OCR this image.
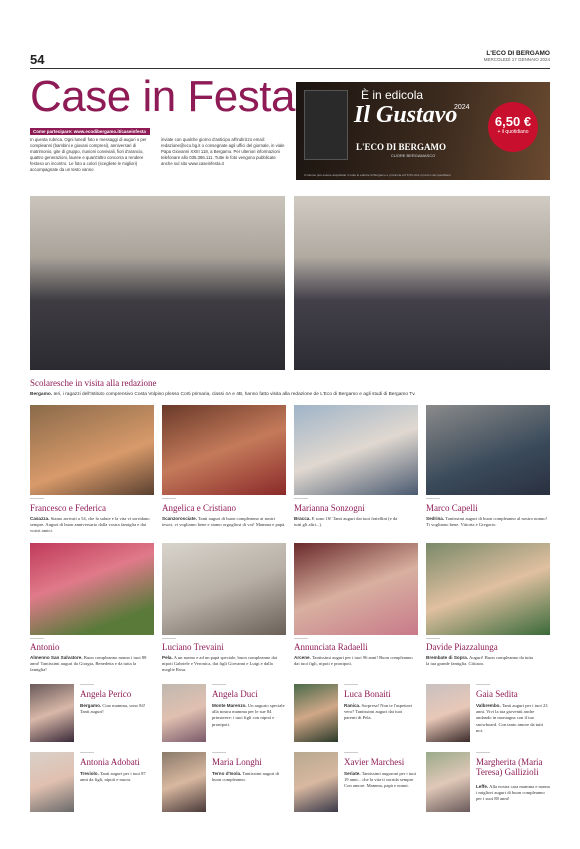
54	L'ECO DI BERGAMO
MERCOLEDÌ 17 GENNAIO 2024
Case in Festa
Come partecipare: www.ecodibergamo.it/caseinfesta
In questa rubrica. Ogni lunedì foto e messaggi di auguri o per compleanni (bambini e giovani compresi), anniversari di matrimonio, gite di gruppo, riunioni conviviali, fiori d'arancio, quattro generazioni, lauree e quant'altro concorra a rendere festoso un incontro. Le foto a colori (scegliete le migliori) accompagnate da un testo vanno
inviate con qualche giorno d'anticipo all'indirizzo email: redazione@eco.bg.it o consegnate agli uffici del giornale, in viale Papa Giovanni XXIII 118, a Bergamo. Per ulteriori informazioni telefonare allo 035.386.111. Tutte le foto vengono pubblicate anche sul sito www.caseinfesta.it
È in edicola
Il Gustavo
2024
L'ECO DI BERGAMO
CUORE BERGAMASCO
6,50 €
+ il quotidiano
Il volume può essere acquistato in tutte le edicole di Bergamo e provincia a € 6,50 oltre il prezzo del quotidiano
Scolaresche in visita alla redazione
Bergamo. Ieri, i ragazzi dell'Istituto comprensivo Costa Volpino plesso Corti primaria, classi 4A e 4B, hanno fatto visita alla redazione de L'Eco di Bergamo e agli studi di Bergamo Tv.
Francesco e Federica	Angelica e Cristiano	Marianna Sonzogni	Marco Capelli
Casazza. Siamo arrivati a 54, che la salute e la vita vi sorridano sempre. Auguri di buon anniversario dalla vostra famiglia e dai vostri amici.
Scanzorosciate. Tanti auguri di buon compleanno ai nostri tesori, vi vogliamo bene e siamo orgogliosi di voi! Mamma e papà.
Bracca. E sono 16! Tanti auguri dai tuoi fratellini (e da tutti gli altri...).
Sedrina. Tantissimi auguri di buon compleanno al nostro nonno! Ti vogliamo bene. Vittoria e Gregorio.
Antonio	Luciano Trevaini	Annunciata Radaelli	Davide Piazzalunga
Almenno San Salvatore. Buon compleanno nonno i tuoi 88 anni! Tantissimi auguri da Giorgia, Benedetta e da tutta la famiglia!
Pela. A un nonno e ad un papà speciale, buon compleanno dai nipoti Gabriele e Veronica, dai figli Giovanni e Luigi e dalla moglie Rosa.
Arcene. Tantissimi auguri per i tuoi 96 anni! Buon compleanno dai tuoi figli, nipoti e pronipoti.
Brembate di Sopra. Auguri! Buon compleanno da tutta la tua grande famiglia. Ciiiiaoo.
Angela Perico	Angela Duci	Luca Bonaiti	Gaia Sedita
Bergamo. Ciao mamma, sono 84! Tanti auguri!
Monte Marenzo. Un augurio speciale alla nostra mamma per le sue 84 primavere: i tuoi figli con nipoti e pronipoti.
Ranica. Sorpresa! Non te l'aspettavi vero? Tantissimi auguri dai tuoi parenti di Pela.
Valbrembo. Tanti auguri per i tuoi 23 anni. Vivi la tua gioventù anche andando in montagna con il tuo snowboard. Con tanto amore da tutti noi.
Antonia Adobati	Maria Longhi	Xavier Marchesi	Margherita (Maria Teresa) Gallizioli
Treviolo. Tanti auguri per i tuoi 87 anni da figli, nipoti e nuora.
Terno d'Isola. Tantissimi auguri di buon compleanno.
Seriate. Tantissimi auguroni per i tuoi 19 anni... che la vita ti sorrida sempre. Con amore. Mamma, papà e nonni.	Leffe. Alla nostra cara mamma e nonna i migliori auguri di buon compleanno per i suoi 88 anni!
